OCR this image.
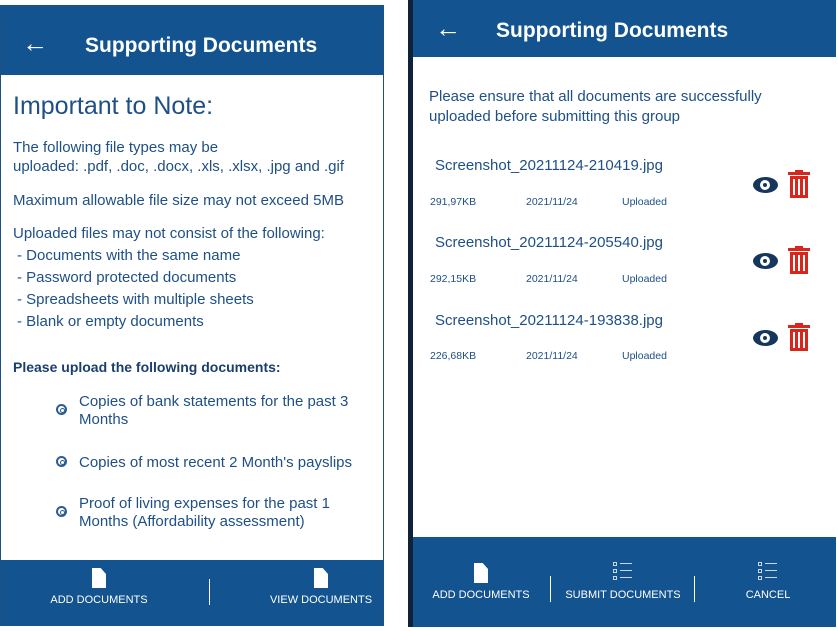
← Supporting Documents
Important to Note:
The following file types may be
uploaded: .pdf, .doc, .docx, .xls, .xlsx, .jpg and .gif
Maximum allowable file size may not exceed 5MB
Uploaded files may not consist of the following:
- Documents with the same name
- Password protected documents
- Spreadsheets with multiple sheets
- Blank or empty documents
Please upload the following documents:
Copies of bank statements for the past 3 Months
Copies of most recent 2 Month's payslips
Proof of living expenses for the past 1 Months (Affordability assessment)
ADD DOCUMENTS	VIEW DOCUMENTS
← Supporting Documents
Please ensure that all documents are successfully uploaded before submitting this group
Screenshot_20211124-210419.jpg
291,97KB	2021/11/24	Uploaded
Screenshot_20211124-205540.jpg
292,15KB	2021/11/24	Uploaded
Screenshot_20211124-193838.jpg
226,68KB	2021/11/24	Uploaded
ADD DOCUMENTS	SUBMIT DOCUMENTS	CANCEL
